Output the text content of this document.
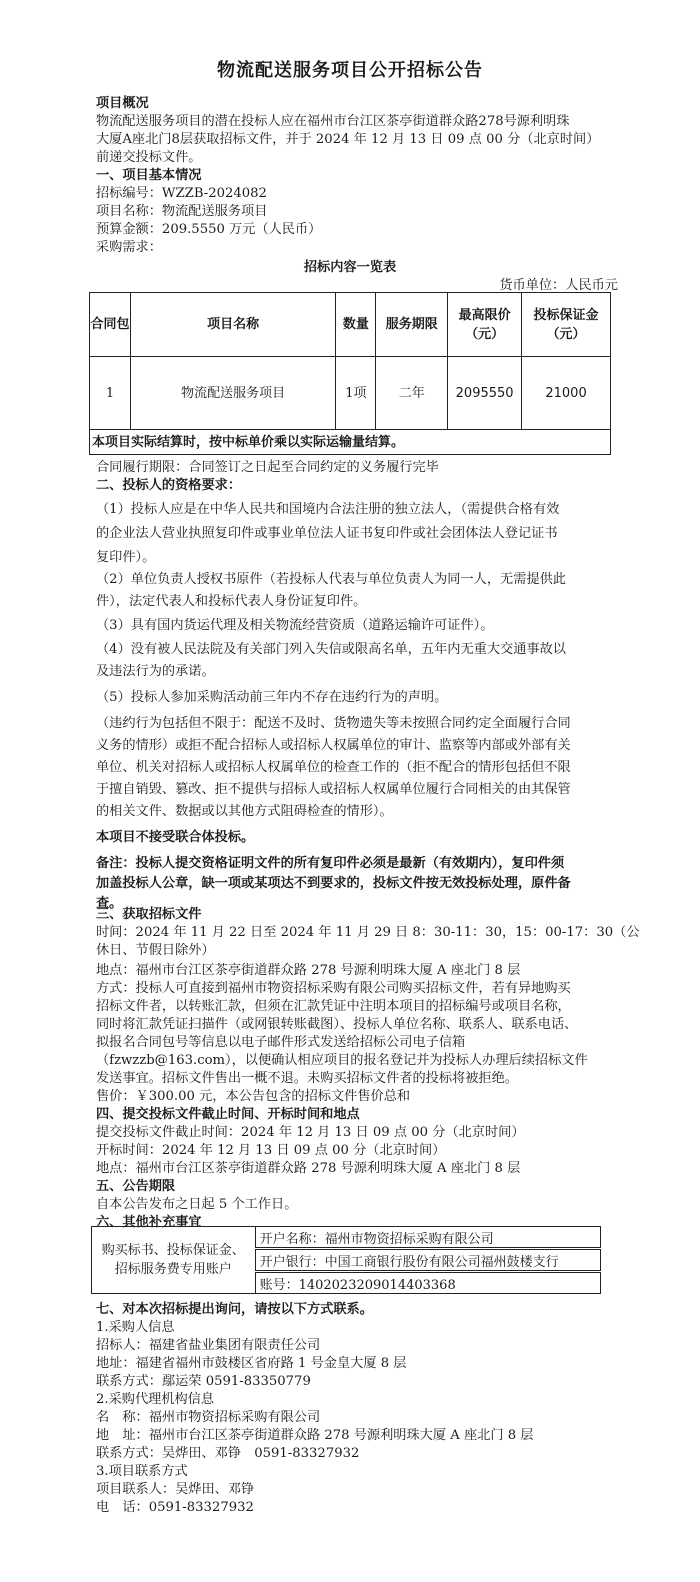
物流配送服务项目公开招标公告
项目概况
物流配送服务项目的潜在投标人应在福州市台江区茶亭街道群众路278号源利明珠
大厦A座北门8层获取招标文件，并于 2024 年 12 月 13 日 09 点 00 分（北京时间）
前递交投标文件。
一、项目基本情况
招标编号：WZZB-2024082
项目名称：物流配送服务项目
预算金额：209.5550 万元（人民币）
采购需求：
招标内容一览表
货币单位：人民币元
合同包	项目名称	数量	服务期限	最高限价（元）	投标保证金（元）
1	物流配送服务项目	1项	二年	2095550	21000
本项目实际结算时，按中标单价乘以实际运输量结算。					
合同履行期限：合同签订之日起至合同约定的义务履行完毕
二、投标人的资格要求：
（1）投标人应是在中华人民共和国境内合法注册的独立法人，（需提供合格有效
的企业法人营业执照复印件或事业单位法人证书复印件或社会团体法人登记证书
复印件）。
（2）单位负责人授权书原件（若投标人代表与单位负责人为同一人，无需提供此
件），法定代表人和投标代表人身份证复印件。
（3）具有国内货运代理及相关物流经营资质（道路运输许可证件）。
（4）没有被人民法院及有关部门列入失信或限高名单，五年内无重大交通事故以
及违法行为的承诺。
（5）投标人参加采购活动前三年内不存在违约行为的声明。
（违约行为包括但不限于：配送不及时、货物遗失等未按照合同约定全面履行合同
义务的情形）或拒不配合招标人或招标人权属单位的审计、监察等内部或外部有关
单位、机关对招标人或招标人权属单位的检查工作的（拒不配合的情形包括但不限
于擅自销毁、篡改、拒不提供与招标人或招标人权属单位履行合同相关的由其保管
的相关文件、数据或以其他方式阻碍检查的情形）。
本项目不接受联合体投标。
备注：投标人提交资格证明文件的所有复印件必须是最新（有效期内），复印件须
加盖投标人公章，缺一项或某项达不到要求的，投标文件按无效投标处理，原件备
查。
三、获取招标文件
时间：2024 年 11 月 22 日至 2024 年 11 月 29 日 8：30-11：30，15：00-17：30（公
休日、节假日除外）
地点：福州市台江区茶亭街道群众路 278 号源利明珠大厦 A 座北门 8 层
方式：投标人可直接到福州市物资招标采购有限公司购买招标文件，若有异地购买
招标文件者，以转账汇款，但须在汇款凭证中注明本项目的招标编号或项目名称，
同时将汇款凭证扫描件（或网银转账截图）、投标人单位名称、联系人、联系电话、
拟报名合同包号等信息以电子邮件形式发送给招标公司电子信箱
（fzwzzb@163.com），以便确认相应项目的报名登记并为投标人办理后续招标文件
发送事宜。招标文件售出一概不退。未购买招标文件者的投标将被拒绝。
售价：￥300.00 元，本公告包含的招标文件售价总和
四、提交投标文件截止时间、开标时间和地点
提交投标文件截止时间：2024 年 12 月 13 日 09 点 00 分（北京时间）
开标时间：2024 年 12 月 13 日 09 点 00 分（北京时间）
地点：福州市台江区茶亭街道群众路 278 号源利明珠大厦 A 座北门 8 层
五、公告期限
自本公告发布之日起 5 个工作日。
六、其他补充事宜
购买标书、投标保证金、
招标服务费专用账户
	开户名称：福州市物资招标采购有限公司
开户银行：中国工商银行股份有限公司福州鼓楼支行
账号：1402023209014403368
七、对本次招标提出询问，请按以下方式联系。
1.采购人信息
招标人：福建省盐业集团有限责任公司
地址：福建省福州市鼓楼区省府路 1 号金皇大厦 8 层
联系方式：鄢运荣 0591-83350779
2.采购代理机构信息
名　称：福州市物资招标采购有限公司
地　址：福州市台江区茶亭街道群众路 278 号源利明珠大厦 A 座北门 8 层
联系方式：吴烨田、邓铮　0591-83327932
3.项目联系方式
项目联系人：吴烨田、邓铮
电　话：0591-83327932
